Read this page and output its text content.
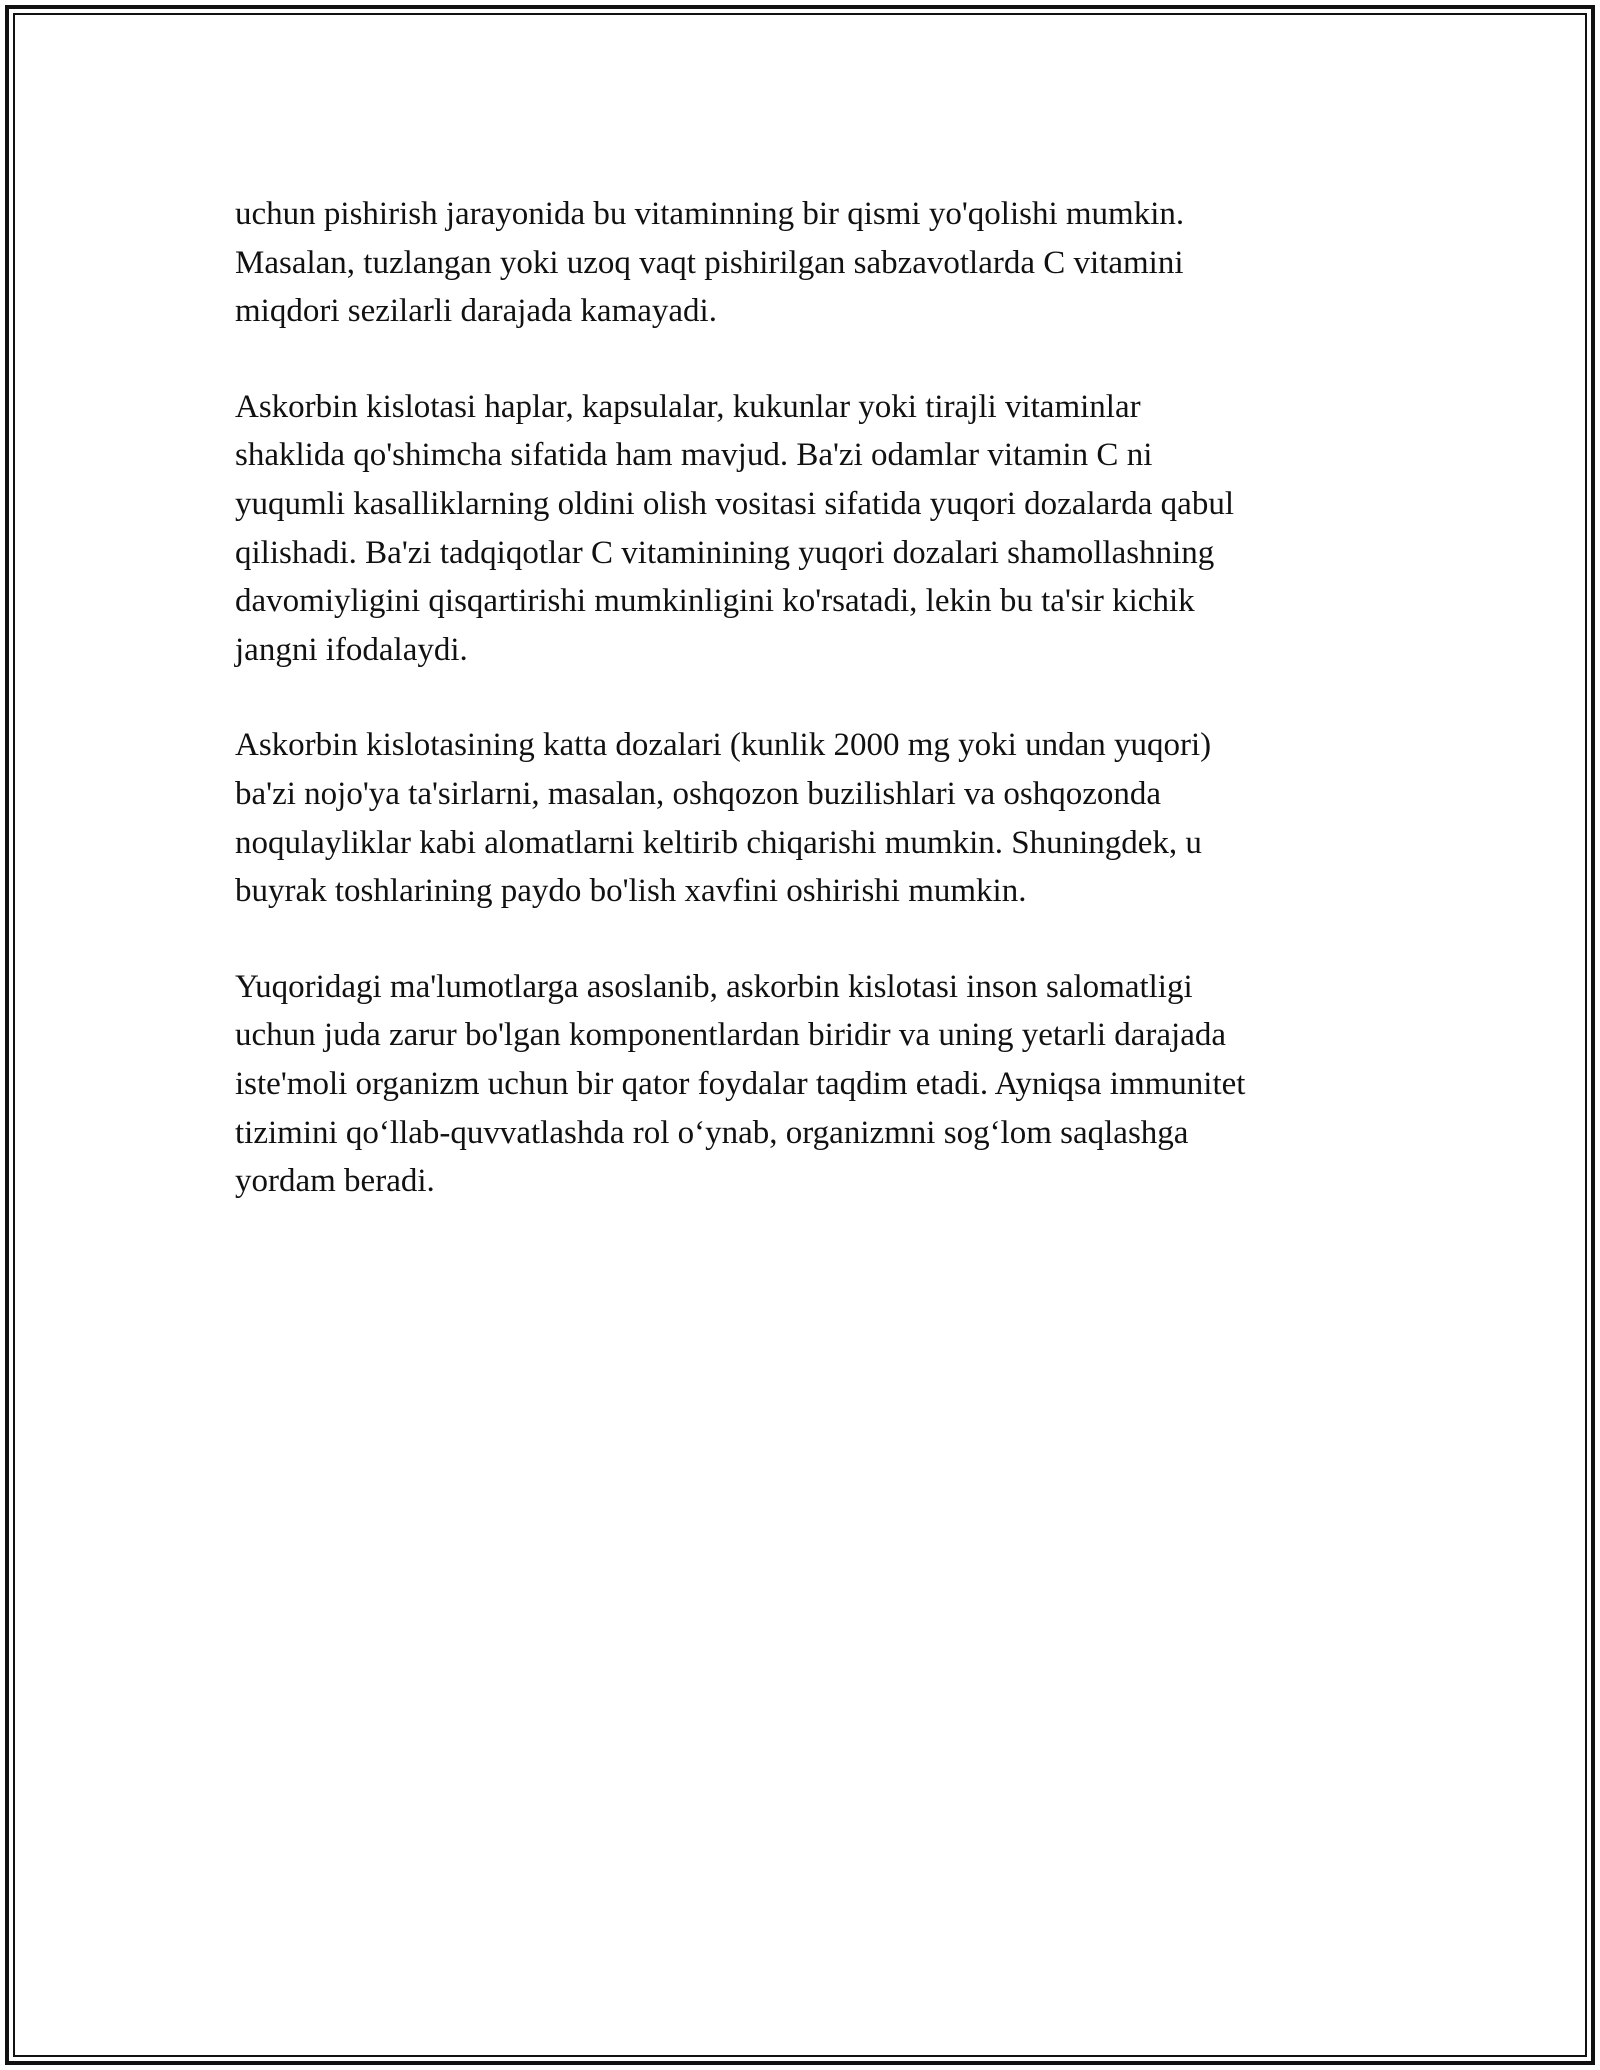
uchun pishirish jarayonida bu vitaminning bir qismi yo'qolishi mumkin.
Masalan, tuzlangan yoki uzoq vaqt pishirilgan sabzavotlarda C vitamini
miqdori sezilarli darajada kamayadi.

Askorbin kislotasi haplar, kapsulalar, kukunlar yoki tirajli vitaminlar
shaklida qo'shimcha sifatida ham mavjud. Ba'zi odamlar vitamin C ni
yuqumli kasalliklarning oldini olish vositasi sifatida yuqori dozalarda qabul
qilishadi. Ba'zi tadqiqotlar C vitaminining yuqori dozalari shamollashning
davomiyligini qisqartirishi mumkinligini ko'rsatadi, lekin bu ta'sir kichik
jangni ifodalaydi.

Askorbin kislotasining katta dozalari (kunlik 2000 mg yoki undan yuqori)
ba'zi nojo'ya ta'sirlarni, masalan, oshqozon buzilishlari va oshqozonda
noqulayliklar kabi alomatlarni keltirib chiqarishi mumkin. Shuningdek, u
buyrak toshlarining paydo bo'lish xavfini oshirishi mumkin.

Yuqoridagi ma'lumotlarga asoslanib, askorbin kislotasi inson salomatligi
uchun juda zarur bo'lgan komponentlardan biridir va uning yetarli darajada
iste'moli organizm uchun bir qator foydalar taqdim etadi. Ayniqsa immunitet
tizimini qo‘llab-quvvatlashda rol o‘ynab, organizmni sog‘lom saqlashga
yordam beradi.
